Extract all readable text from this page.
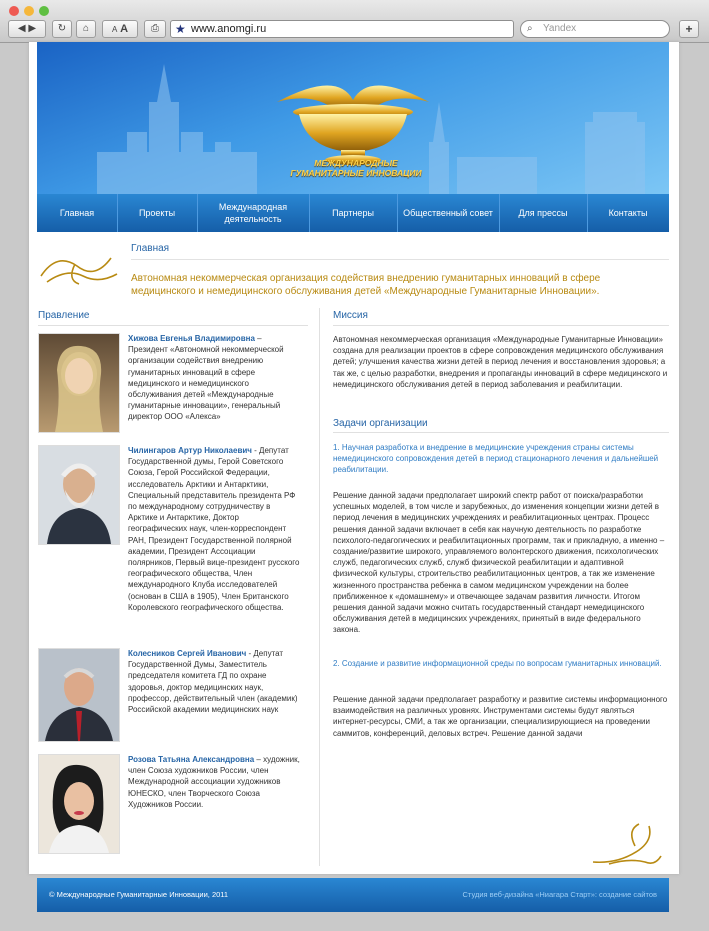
◀ ▶	↻	⌂	A A	⎙	★ www.anomgi.ru	⌕ Yandex	+
МЕЖДУНАРОДНЫЕ ГУМАНИТАРНЫЕ ИННОВАЦИИ
Главная	Проекты
Международная деятельность
Партнеры	Общественный совет	Для прессы	Контакты
Главная
Автономная некоммерческая организация содействия внедрению гуманитарных инноваций в сфере медицинского и немедицинского обслуживания детей «Международные Гуманитарные Инновации».
Правление	Миссия
Хижова Евгенья Владимировна – Президент «Автономной некоммерческой организации содействия внедрению гуманитарных инноваций в сфере медицинского и немедицинского обслуживания детей «Международные гуманитарные инновации», генеральный директор ООО «Алекса»
Чилингаров Артур Николаевич - Депутат Государственной думы, Герой Советского Союза, Герой Российской Федерации, исследователь Арктики и Антарктики, Специальный представитель президента РФ по международному сотрудничеству в Арктике и Антарктике, Доктор географических наук, член-корреспондент РАН, Президент Государственной полярной академии, Президент Ассоциации полярников, Первый вице-президент русского географического общества, Член международного Клуба исследователей (основан в США в 1905), Член Британского Королевского географического общества.
Колесников Сергей Иванович - Депутат Государственной Думы, Заместитель председателя комитета ГД по охране здоровья, доктор медицинских наук, профессор, действительный член (академик) Российской академии медицинских наук
Розова Татьяна Александровна – художник, член Союза художников России, член Международной ассоциации художников ЮНЕСКО, член Творческого Союза Художников России.
Автономная некоммерческая организация «Международные Гуманитарные Инновации» создана для реализации проектов в сфере сопровождения медицинского обслуживания детей; улучшения качества жизни детей в период лечения и восстановления здоровья; а так же, с целью разработки, внедрения и пропаганды инноваций в сфере медицинского и немедицинского обслуживания детей в период заболевания и реабилитации.
Задачи организации
1. Научная разработка и внедрение в медицинские учреждения страны системы немедицинского сопровождения детей в период стационарного лечения и дальнейшей реабилитации.
Решение данной задачи предполагает широкий спектр работ от поиска/разработки успешных моделей, в том числе и зарубежных, до изменения концепции жизни детей в период лечения в медицинских учреждениях и реабилитационных центрах. Процесс решения данной задачи включает в себя как научную деятельность по разработке психолого-педагогических и реабилитационных программ, так и прикладную, а именно – создание/развитие широкого, управляемого волонтерского движения, психологических служб, педагогических служб, служб физической реабилитации и адаптивной физической культуры, строительство реабилитационных центров, а так же изменение жизненного пространства ребенка в самом медицинском учреждении на более приближенное к «домашнему» и отвечающее задачам развития личности. Итогом решения данной задачи можно считать государственный стандарт немедицинского обслуживания детей в медицинских учреждениях, принятый в виде федерального закона.
2. Создание и развитие информационной среды по вопросам гуманитарных инноваций.
Решение данной задачи предполагает разработку и развитие системы информационного взаимодействия на различных уровнях. Инструментами системы будут являться интернет-ресурсы, СМИ, а так же организации, специализирующиеся на проведении саммитов, конференций, деловых встреч. Решение данной задачи
© Международные Гуманитарные Инновации, 2011	Студия веб-дизайна «Ниагара Старт»: создание сайтов
